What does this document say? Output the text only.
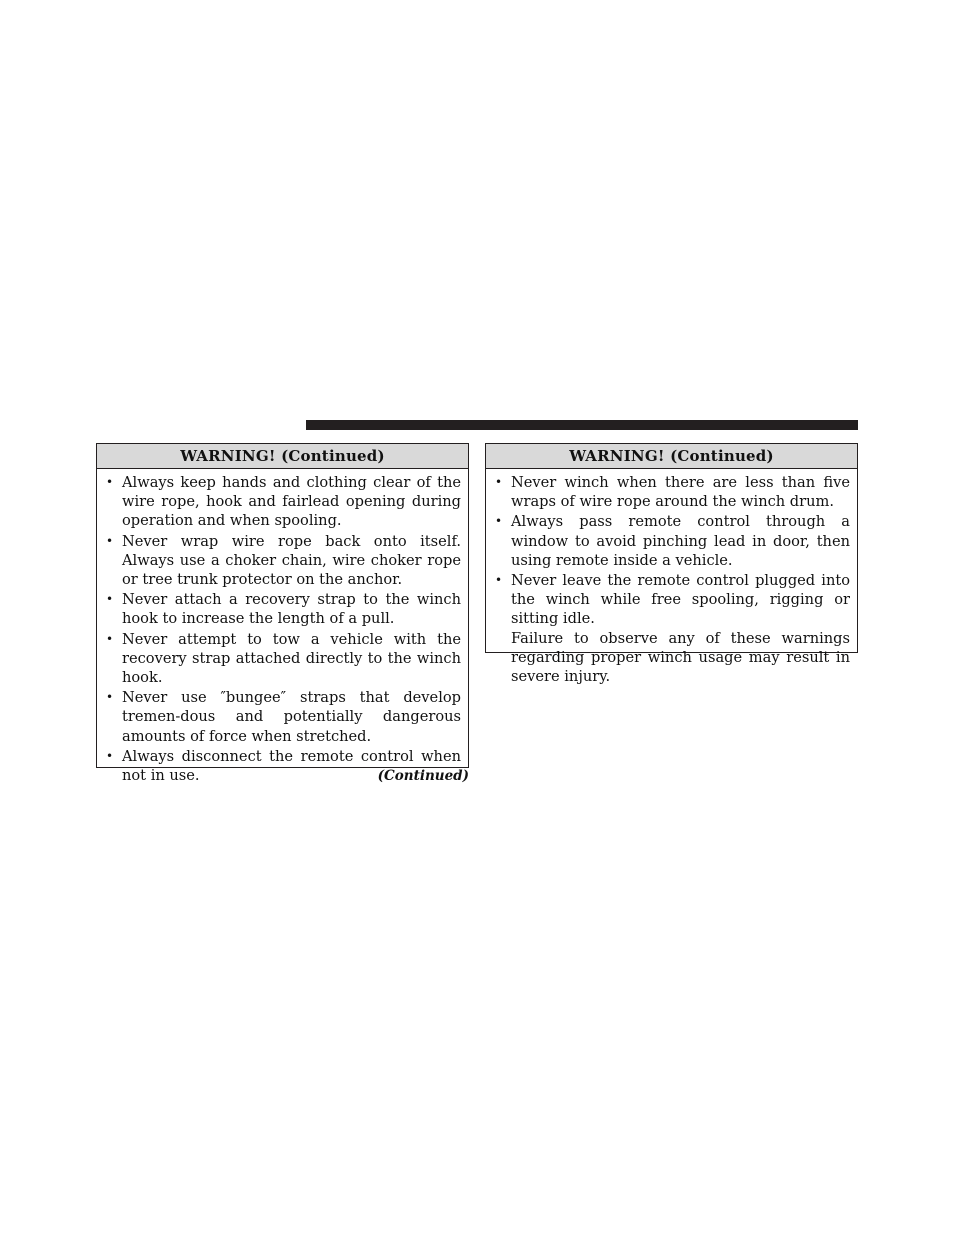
WARNING! (Continued)
• Always keep hands and clothing clear of the wire rope, hook and fairlead opening during operation and when spooling.
• Never wrap wire rope back onto itself. Always use a choker chain, wire choker rope or tree trunk protector on the anchor.
• Never attach a recovery strap to the winch hook to increase the length of a pull.
• Never attempt to tow a vehicle with the recovery strap attached directly to the winch hook.
• Never use ″bungee″ straps that develop tremen-dous and potentially dangerous amounts of force when stretched.
• Always disconnect the remote control when not in use.	(Continued)
WARNING! (Continued)
• Never winch when there are less than five wraps of wire rope around the winch drum.
• Always pass remote control through a window to avoid pinching lead in door, then using remote inside a vehicle.
• Never leave the remote control plugged into the winch while free spooling, rigging or sitting idle.
Failure to observe any of these warnings regarding proper winch usage may result in severe injury.
